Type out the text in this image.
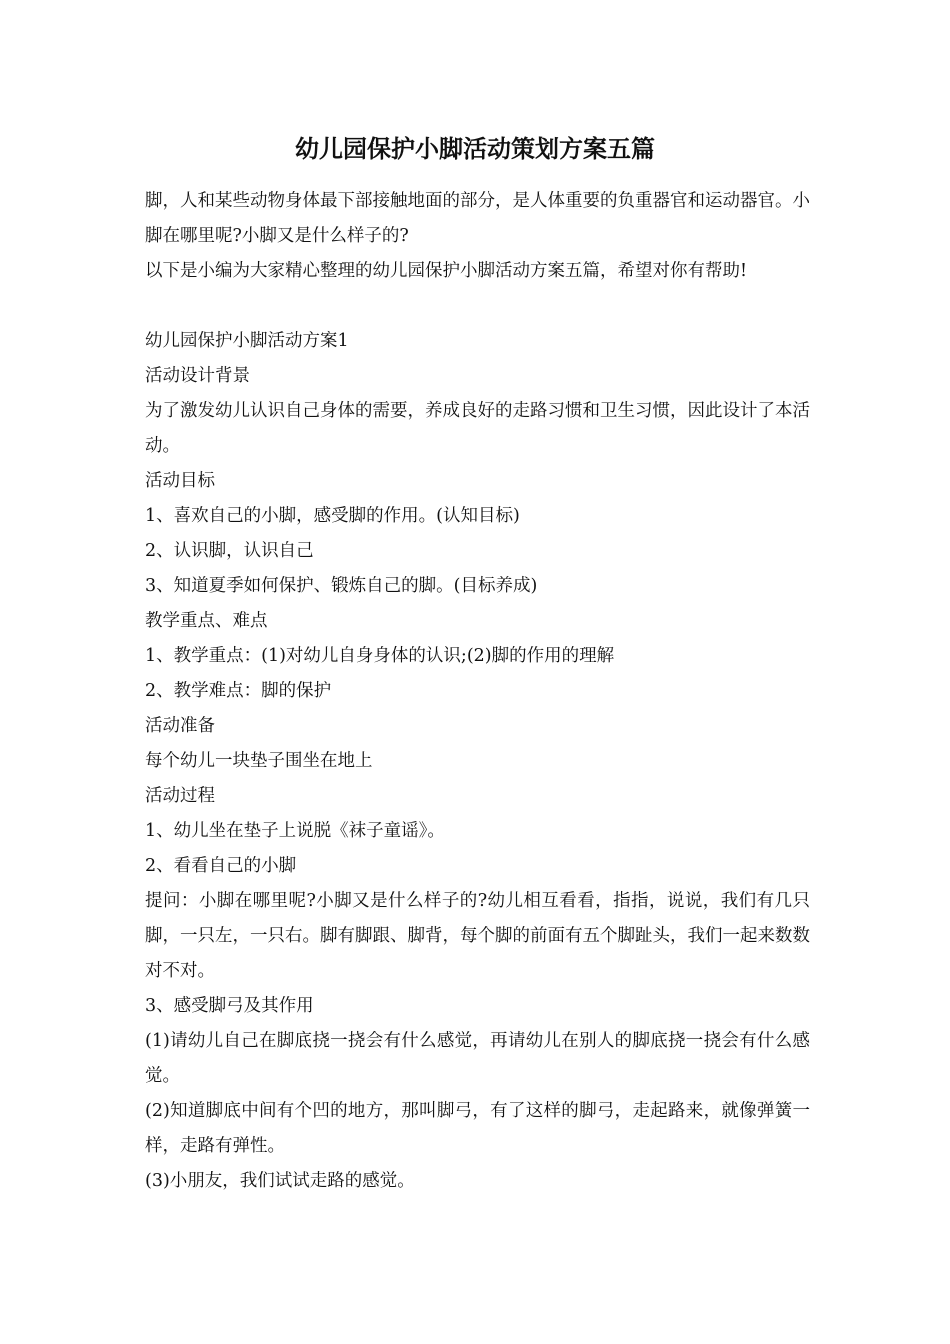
幼儿园保护小脚活动策划方案五篇

脚，人和某些动物身体最下部接触地面的部分，是人体重要的负重器官和运动器官。小脚在哪里呢?小脚又是什么样子的?

以下是小编为大家精心整理的幼儿园保护小脚活动方案五篇，希望对你有帮助!

幼儿园保护小脚活动方案1

活动设计背景

为了激发幼儿认识自己身体的需要，养成良好的走路习惯和卫生习惯，因此设计了本活动。

活动目标

1、喜欢自己的小脚，感受脚的作用。(认知目标)

2、认识脚，认识自己

3、知道夏季如何保护、锻炼自己的脚。(目标养成)

教学重点、难点

1、教学重点：(1)对幼儿自身身体的认识;(2)脚的作用的理解

2、教学难点：脚的保护

活动准备

每个幼儿一块垫子围坐在地上

活动过程

1、幼儿坐在垫子上说脱《袜子童谣》。

2、看看自己的小脚

提问：小脚在哪里呢?小脚又是什么样子的?幼儿相互看看，指指，说说，我们有几只脚，一只左，一只右。脚有脚跟、脚背，每个脚的前面有五个脚趾头，我们一起来数数对不对。

3、感受脚弓及其作用

(1)请幼儿自己在脚底挠一挠会有什么感觉，再请幼儿在别人的脚底挠一挠会有什么感觉。

(2)知道脚底中间有个凹的地方，那叫脚弓，有了这样的脚弓，走起路来，就像弹簧一样，走路有弹性。

(3)小朋友，我们试试走路的感觉。
